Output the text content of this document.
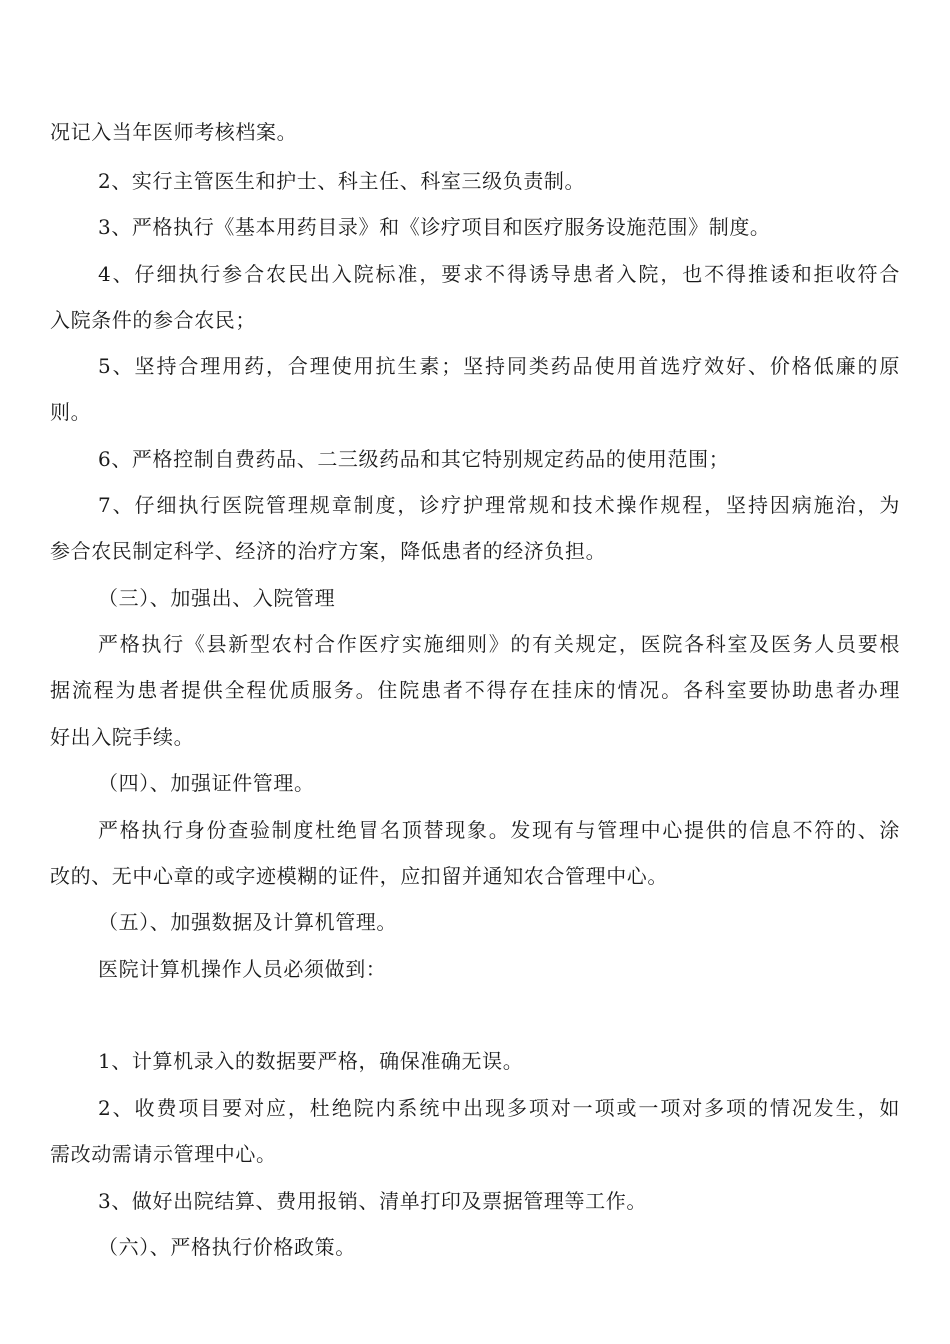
况记入当年医师考核档案。
2、实行主管医生和护士、科主任、科室三级负责制。
3、严格执行《基本用药目录》和《诊疗项目和医疗服务设施范围》制度。
4、仔细执行参合农民出入院标准，要求不得诱导患者入院，也不得推诿和拒收符合
入院条件的参合农民；
5、坚持合理用药，合理使用抗生素；坚持同类药品使用首选疗效好、价格低廉的原
则。
6、严格控制自费药品、二三级药品和其它特别规定药品的使用范围；
7、仔细执行医院管理规章制度，诊疗护理常规和技术操作规程，坚持因病施治，为
参合农民制定科学、经济的治疗方案，降低患者的经济负担。
（三）、加强出、入院管理
严格执行《县新型农村合作医疗实施细则》的有关规定，医院各科室及医务人员要根
据流程为患者提供全程优质服务。住院患者不得存在挂床的情况。各科室要协助患者办理
好出入院手续。
（四）、加强证件管理。
严格执行身份查验制度杜绝冒名顶替现象。发现有与管理中心提供的信息不符的、涂
改的、无中心章的或字迹模糊的证件，应扣留并通知农合管理中心。
（五）、加强数据及计算机管理。
医院计算机操作人员必须做到：
1、计算机录入的数据要严格，确保准确无误。
2、收费项目要对应，杜绝院内系统中出现多项对一项或一项对多项的情况发生，如
需改动需请示管理中心。
3、做好出院结算、费用报销、清单打印及票据管理等工作。
（六）、严格执行价格政策。
